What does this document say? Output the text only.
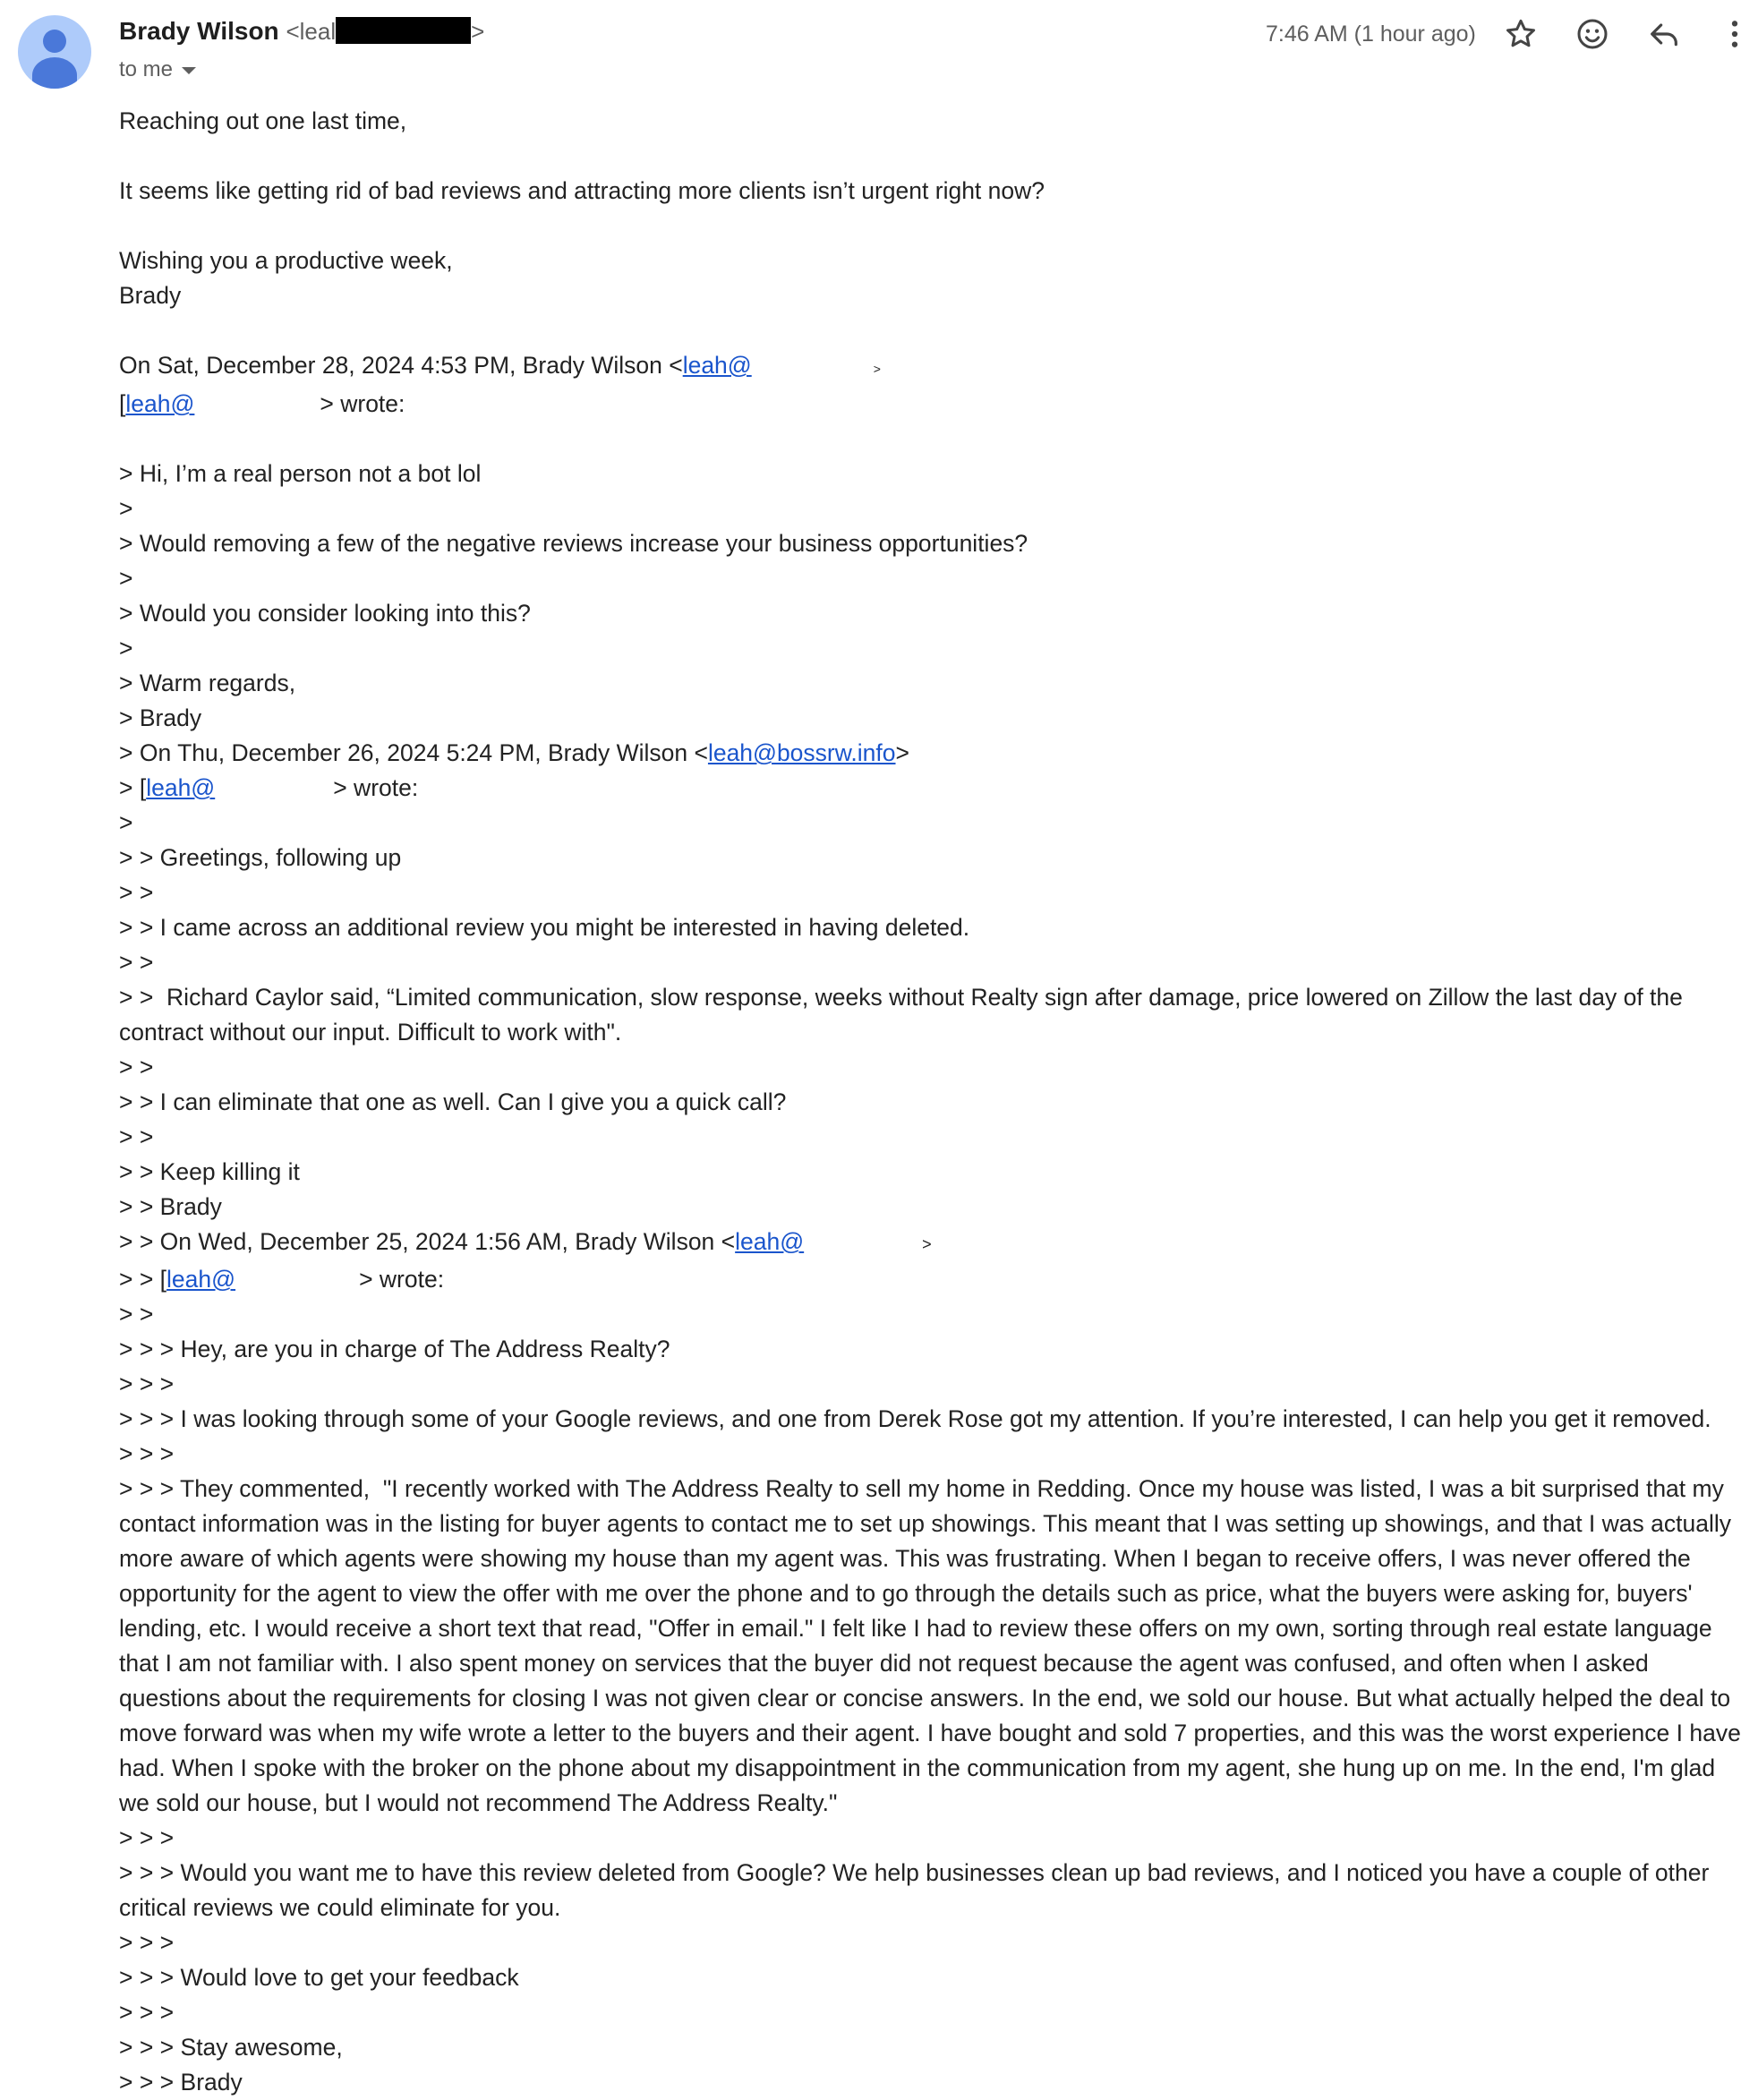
Brady Wilson <leal	>
to me
7:46 AM (1 hour ago)
Reaching out one last time,
It seems like getting rid of bad reviews and attracting more clients isn’t urgent right now?
Wishing you a productive week,
Brady
On Sat, December 28, 2024 4:53 PM, Brady Wilson <leah@	>
[leah@	> wrote:
> Hi, I’m a real person not a bot lol
>
> Would removing a few of the negative reviews increase your business opportunities?
>
> Would you consider looking into this?
>
> Warm regards,
> Brady
> On Thu, December 26, 2024 5:24 PM, Brady Wilson <leah@bossrw.info>
> [leah@	> wrote:
>
> > Greetings, following up
> >
> > I came across an additional review you might be interested in having deleted.
> >
> >  Richard Caylor said, “Limited communication, slow response, weeks without Realty sign after damage, price lowered on Zillow the last day of the contract without our input. Difficult to work with".
> >
> > I can eliminate that one as well. Can I give you a quick call?
> >
> > Keep killing it
> > Brady
> > On Wed, December 25, 2024 1:56 AM, Brady Wilson <leah@	>
> > [leah@	> wrote:
> >
> > > Hey, are you in charge of The Address Realty?
> > >
> > > I was looking through some of your Google reviews, and one from Derek Rose got my attention. If you’re interested, I can help you get it removed.
> > >
> > > They commented,  "I recently worked with The Address Realty to sell my home in Redding. Once my house was listed, I was a bit surprised that my contact information was in the listing for buyer agents to contact me to set up showings. This meant that I was setting up showings, and that I was actually more aware of which agents were showing my house than my agent was. This was frustrating. When I began to receive offers, I was never offered the opportunity for the agent to view the offer with me over the phone and to go through the details such as price, what the buyers were asking for, buyers' lending, etc. I would receive a short text that read, "Offer in email." I felt like I had to review these offers on my own, sorting through real estate language that I am not familiar with. I also spent money on services that the buyer did not request because the agent was confused, and often when I asked questions about the requirements for closing I was not given clear or concise answers. In the end, we sold our house. But what actually helped the deal to move forward was when my wife wrote a letter to the buyers and their agent. I have bought and sold 7 properties, and this was the worst experience I have had. When I spoke with the broker on the phone about my disappointment in the communication from my agent, she hung up on me. In the end, I'm glad we sold our house, but I would not recommend The Address Realty."
> > >
> > > Would you want me to have this review deleted from Google? We help businesses clean up bad reviews, and I noticed you have a couple of other critical reviews we could eliminate for you.
> > >
> > > Would love to get your feedback
> > >
> > > Stay awesome,
> > > Brady
